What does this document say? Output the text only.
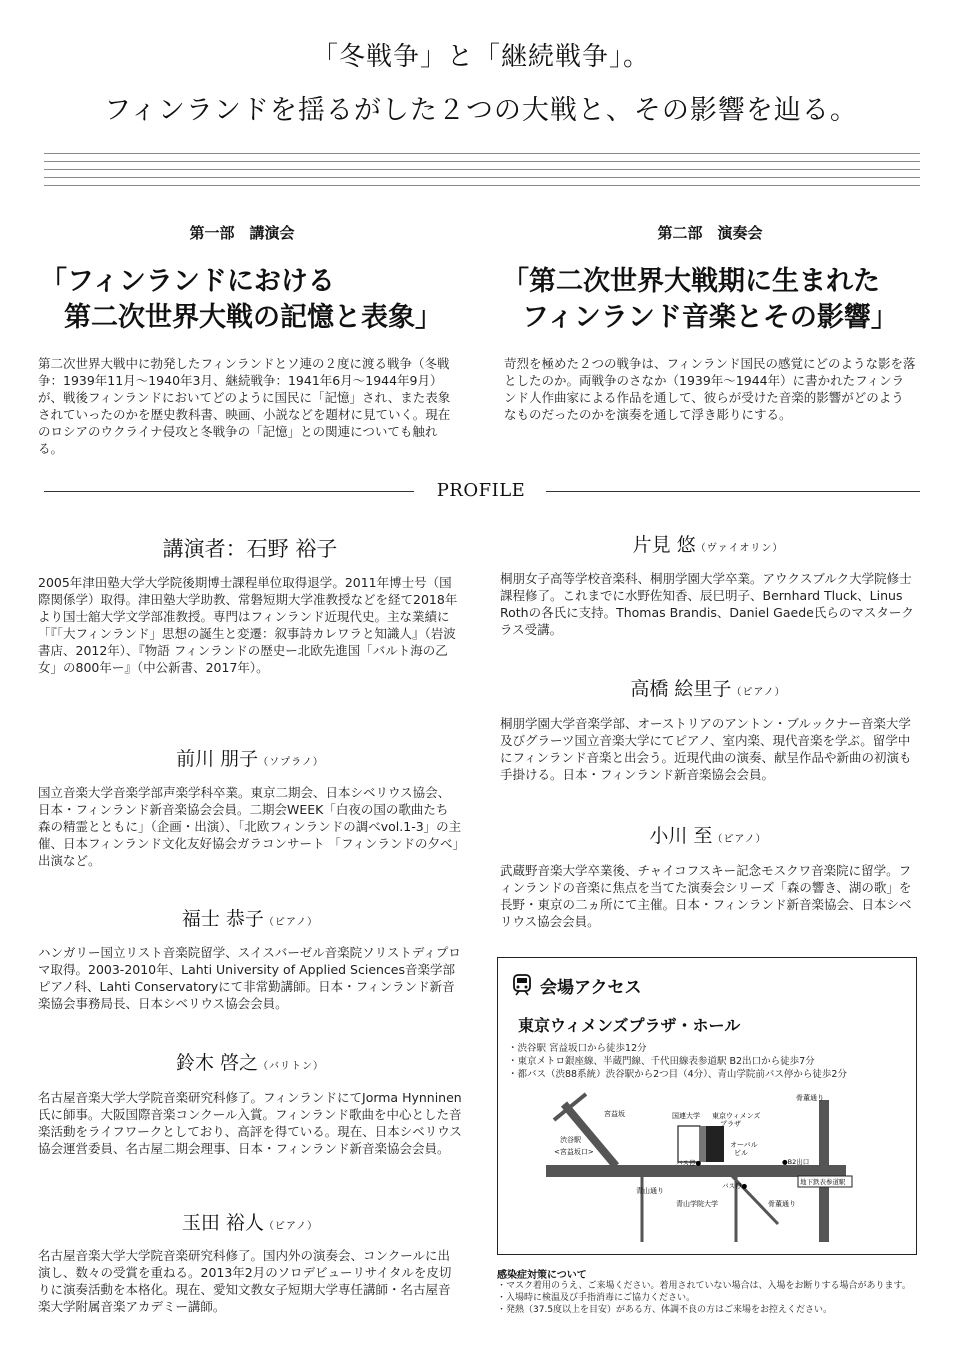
「冬戦争」と「継続戦争」。
フィンランドを揺るがした２つの大戦と、その影響を辿る。
第一部　講演会
「フィンランドにおける
第二次世界大戦の記憶と表象」
第二次世界大戦中に勃発したフィンランドとソ連の２度に渡る戦争（冬戦争：1939年11月〜1940年3月、継続戦争：1941年6月〜1944年9月）が、戦後フィンランドにおいてどのように国民に「記憶」され、また表象されていったのかを歴史教科書、映画、小説などを題材に見ていく。現在のロシアのウクライナ侵攻と冬戦争の「記憶」との関連についても触れる。
第二部　演奏会
「第二次世界大戦期に生まれた
フィンランド音楽とその影響」
苛烈を極めた２つの戦争は、フィンランド国民の感覚にどのような影を落としたのか。両戦争のさなか（1939年〜1944年）に書かれたフィンランド人作曲家による作品を通して、彼らが受けた音楽的影響がどのようなものだったのかを演奏を通して浮き彫りにする。
PROFILE
講演者：石野 裕子
2005年津田塾大学大学院後期博士課程単位取得退学。2011年博士号（国際関係学）取得。津田塾大学助教、常磐短期大学准教授などを経て2018年より国士舘大学文学部准教授。専門はフィンランド近現代史。主な業績に「『「大フィンランド」思想の誕生と変遷：叙事詩カレワラと知識人』（岩波書店、2012年）、『物語 フィンランドの歴史ー北欧先進国「バルト海の乙女」の800年ー』（中公新書、2017年）。
前川 朋子（ソプラノ）
国立音楽大学音楽学部声楽学科卒業。東京二期会、日本シベリウス協会、日本・フィンランド新音楽協会会員。二期会WEEK「白夜の国の歌曲たち　森の精霊とともに」（企画・出演）、「北欧フィンランドの調べvol.1-3」の主催、日本フィンランド文化友好協会ガラコンサート 「フィンランドの夕べ」出演など。
福士 恭子（ピアノ）
ハンガリー国立リスト音楽院留学、スイスバーゼル音楽院ソリストディプロマ取得。2003-2010年、Lahti University of Applied Sciences音楽学部ピアノ科、Lahti Conservatoryにて非常勤講師。日本・フィンランド新音楽協会事務局長、日本シベリウス協会会員。
鈴木 啓之（バリトン）
名古屋音楽大学大学院音楽研究科修了。フィンランドにてJorma Hynninen氏に師事。大阪国際音楽コンクール入賞。フィンランド歌曲を中心とした音楽活動をライフワークとしており、高評を得ている。現在、日本シベリウス協会運営委員、名古屋二期会理事、日本・フィンランド新音楽協会会員。
玉田 裕人（ピアノ）
名古屋音楽大学大学院音楽研究科修了。国内外の演奏会、コンクールに出演し、数々の受賞を重ねる。2013年2月のソロデビューリサイタルを皮切りに演奏活動を本格化。現在、愛知文教女子短期大学専任講師・名古屋音楽大学附属音楽アカデミー講師。
片見 悠（ヴァイオリン）
桐朋女子高等学校音楽科、桐朋学園大学卒業。アウクスブルク大学院修士課程修了。これまでに水野佐知香、辰巳明子、Bernhard Tluck、Linus Rothの各氏に支持。Thomas Brandis、Daniel Gaede氏らのマスタークラス受講。
高橋 絵里子（ピアノ）
桐朋学園大学音楽学部、オーストリアのアントン・ブルックナー音楽大学及びグラーツ国立音楽大学にてピアノ、室内楽、現代音楽を学ぶ。留学中にフィンランド音楽と出会う。近現代曲の演奏、献呈作品や新曲の初演も手掛ける。日本・フィンランド新音楽協会会員。
小川 至（ピアノ）
武蔵野音楽大学卒業後、チャイコフスキー記念モスクワ音楽院に留学。フィンランドの音楽に焦点を当てた演奏会シリーズ「森の響き、湖の歌」を長野・東京の二ヵ所にて主催。日本・フィンランド新音楽協会、日本シベリウス協会会員。
会場アクセス
東京ウィメンズプラザ・ホール
・渋谷駅 宮益坂口から徒歩12分
・東京メトロ銀座線、半蔵門線、千代田線表参道駅 B2出口から徒歩7分
・都バス（渋88系統）渋谷駅から2つ目（4分）、青山学院前バス停から徒歩2分
渋谷駅
<宮益坂口>
宮益坂	国連大学 東京ウィメンズ
プラザ
オーバル
ビル
骨董通り
バス停●
バス停●
●B2出口
地下鉄表参道駅
青山通り
青山学院大学	骨董通り
感染症対策について
・マスク着用のうえ、ご来場ください。着用されていない場合は、入場をお断りする場合があります。
・入場時に検温及び手指消毒にご協力ください。
・発熱（37.5度以上を目安）がある方、体調不良の方はご来場をお控えください。
